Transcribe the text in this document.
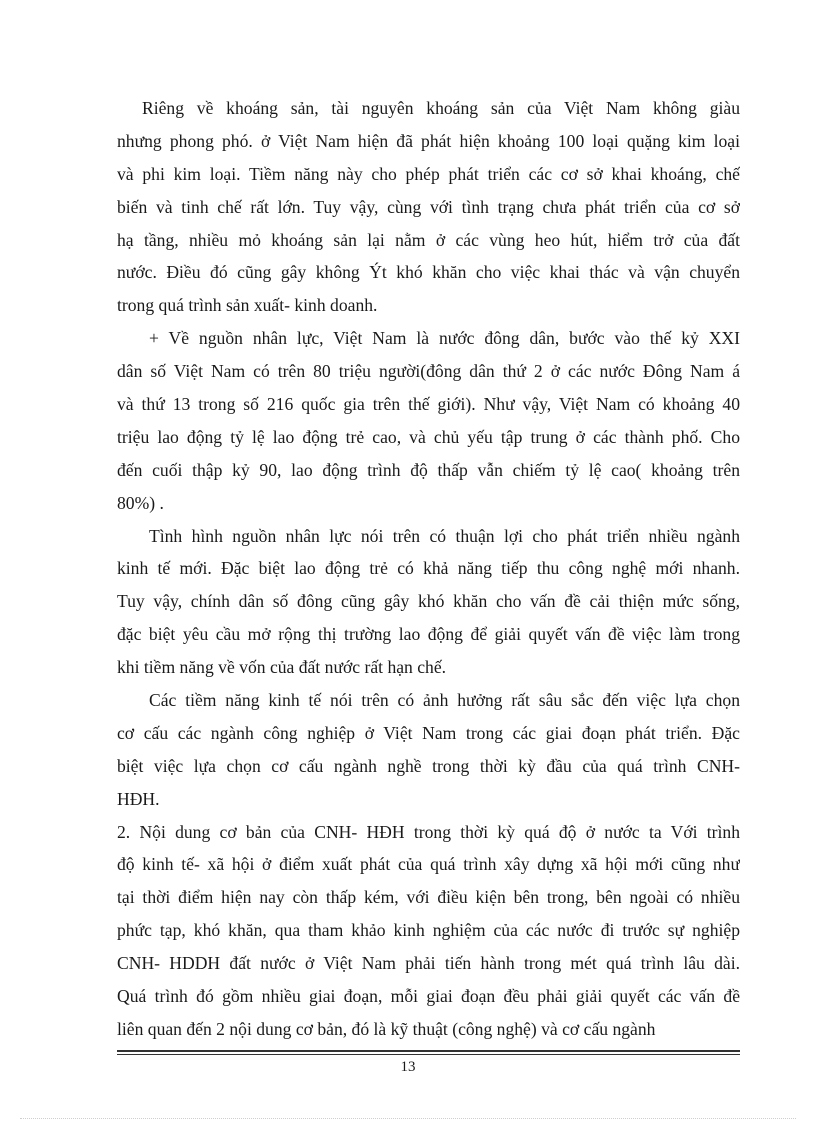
Riêng về khoáng sản, tài nguyên khoáng sản của Việt Nam không giàu
nhưng phong phó. ở Việt Nam hiện đã phát hiện khoảng 100 loại quặng kim loại
và phi kim loại. Tiềm năng này cho phép phát triển các cơ sở khai khoáng, chế
biến và tinh chế rất lớn. Tuy vậy, cùng với tình trạng chưa phát triển của cơ sở
hạ tầng, nhiều mỏ khoáng sản lại nằm ở các vùng heo hút, hiểm trở của đất
nước. Điều đó cũng gây không Ýt khó khăn cho việc khai thác và vận chuyển
trong quá trình sản xuất- kinh doanh.
+ Về nguồn nhân lực, Việt Nam là nước đông dân, bước vào thế kỷ XXI
dân số Việt Nam có trên 80 triệu người(đông dân thứ 2 ở các nước Đông Nam á
và thứ 13 trong số 216 quốc gia trên thế giới). Như vậy, Việt Nam có khoảng 40
triệu lao động tỷ lệ lao động trẻ cao, và chủ yếu tập trung ở các thành phố. Cho
đến cuối thập kỷ 90, lao động trình độ thấp vẫn chiếm tỷ lệ cao( khoảng trên
80%) .
Tình hình nguồn nhân lực nói trên có thuận lợi cho phát triển nhiều ngành
kinh tế mới. Đặc biệt lao động trẻ có khả năng tiếp thu công nghệ mới nhanh.
Tuy vậy, chính dân số đông cũng gây khó khăn cho vấn đề cải thiện mức sống,
đặc biệt yêu cầu mở rộng thị trường lao động để giải quyết vấn đề việc làm trong
khi tiềm năng về vốn của đất nước rất hạn chế.
Các tiềm năng kinh tế nói trên có ảnh hưởng rất sâu sắc đến việc lựa chọn
cơ cấu các ngành công nghiệp ở Việt Nam trong các giai đoạn phát triển. Đặc
biệt việc lựa chọn cơ cấu ngành nghề trong thời kỳ đầu của quá trình CNH-
HĐH.
2. Nội dung cơ bản của CNH- HĐH trong thời kỳ quá độ ở nước ta Với trình
độ kinh tế- xã hội ở điểm xuất phát của quá trình xây dựng xã hội mới cũng như
tại thời điểm hiện nay còn thấp kém, với điều kiện bên trong, bên ngoài có nhiều
phức tạp, khó khăn, qua tham khảo kinh nghiệm của các nước đi trước sự nghiệp
CNH- HDDH đất nước ở Việt Nam phải tiến hành trong mét quá trình lâu dài.
Quá trình đó gồm nhiều giai đoạn, mỗi giai đoạn đều phải giải quyết các vấn đề
liên quan đến 2 nội dung cơ bản, đó là kỹ thuật (công nghệ) và cơ cấu ngành
13
